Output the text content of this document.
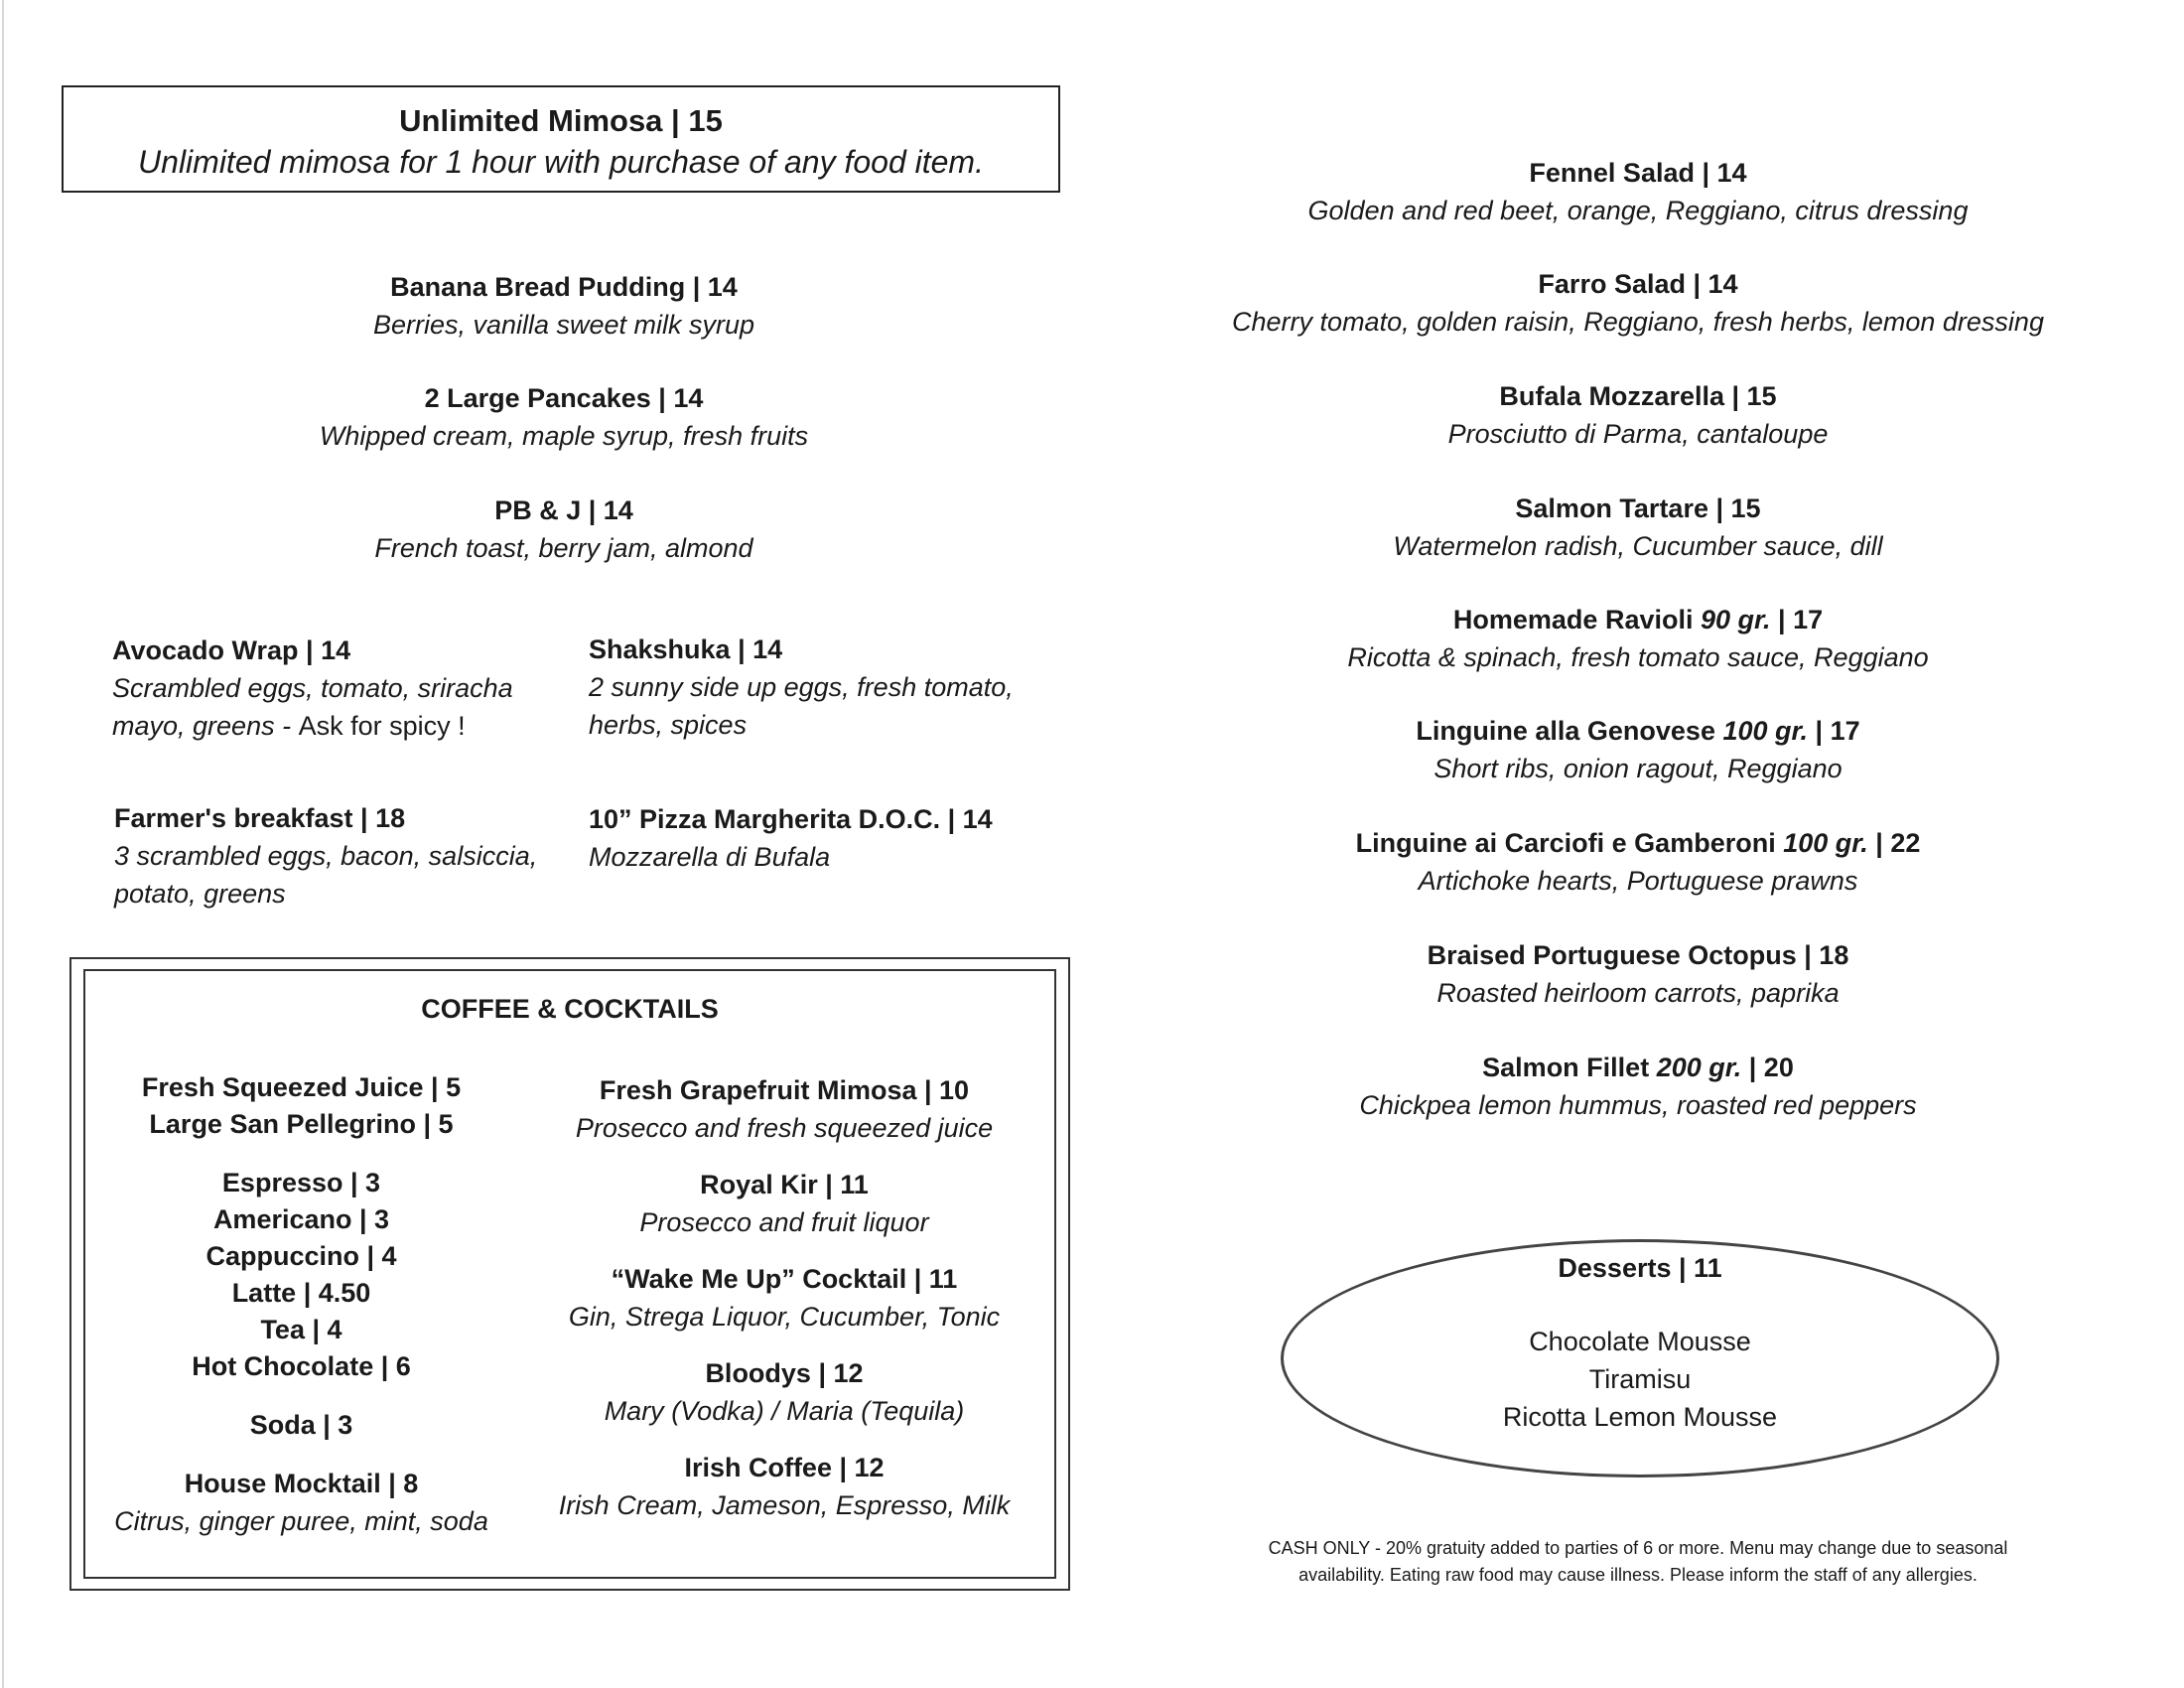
Unlimited Mimosa | 15
Unlimited mimosa for 1 hour with purchase of any food item.
Banana Bread Pudding | 14
Berries, vanilla sweet milk syrup
2 Large Pancakes | 14
Whipped cream, maple syrup, fresh fruits
PB & J | 14
French toast, berry jam, almond
Avocado Wrap | 14
Scrambled eggs, tomato, sriracha
mayo, greens - Ask for spicy !
Shakshuka | 14
2 sunny side up eggs, fresh tomato,
herbs, spices
Farmer's breakfast | 18
3 scrambled eggs, bacon, salsiccia,
potato, greens
10” Pizza Margherita D.O.C. | 14
Mozzarella di Bufala
COFFEE & COCKTAILS
Fresh Squeezed Juice | 5
Large San Pellegrino | 5
Espresso | 3
Americano | 3
Cappuccino | 4
Latte | 4.50
Tea | 4
Hot Chocolate | 6
Soda | 3
House Mocktail | 8
Citrus, ginger puree, mint, soda
Fresh Grapefruit Mimosa | 10
Prosecco and fresh squeezed juice
Royal Kir | 11
Prosecco and fruit liquor
“Wake Me Up” Cocktail | 11
Gin, Strega Liquor, Cucumber, Tonic
Bloodys | 12
Mary (Vodka) / Maria (Tequila)
Irish Coffee | 12
Irish Cream, Jameson, Espresso, Milk
Fennel Salad | 14
Golden and red beet, orange, Reggiano, citrus dressing
Farro Salad | 14
Cherry tomato, golden raisin, Reggiano, fresh herbs, lemon dressing
Bufala Mozzarella | 15
Prosciutto di Parma, cantaloupe
Salmon Tartare | 15
Watermelon radish, Cucumber sauce, dill
Homemade Ravioli 90 gr. | 17
Ricotta & spinach, fresh tomato sauce, Reggiano
Linguine alla Genovese 100 gr. | 17
Short ribs, onion ragout, Reggiano
Linguine ai Carciofi e Gamberoni 100 gr. | 22
Artichoke hearts, Portuguese prawns
Braised Portuguese Octopus | 18
Roasted heirloom carrots, paprika
Salmon Fillet 200 gr. | 20
Chickpea lemon hummus, roasted red peppers
Desserts | 11
Chocolate Mousse
Tiramisu
Ricotta Lemon Mousse
CASH ONLY - 20% gratuity added to parties of 6 or more. Menu may change due to seasonal
availability. Eating raw food may cause illness. Please inform the staff of any allergies.
